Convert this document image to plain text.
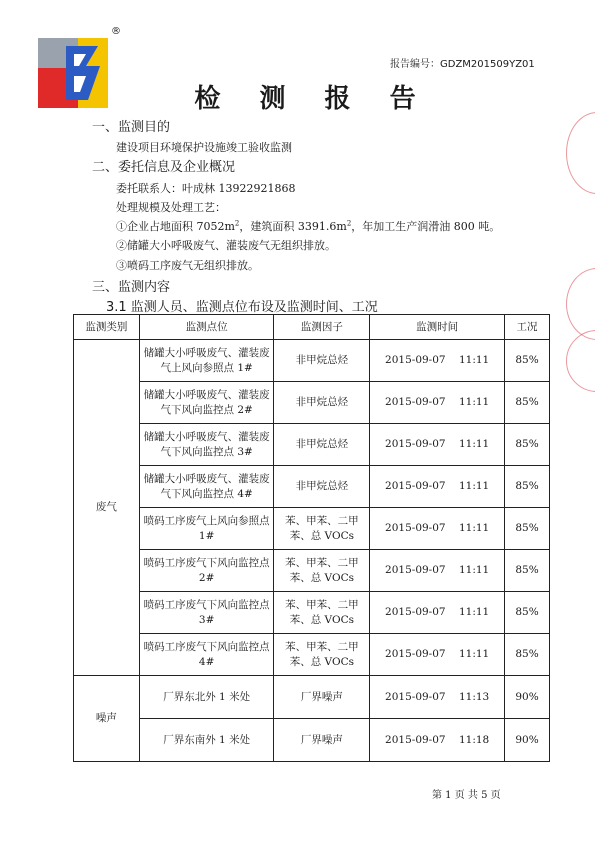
®
报告编号：GDZM201509YZ01
检 测 报 告
一、监测目的
建设项目环境保护设施竣工验收监测
二、委托信息及企业概况
委托联系人：叶成林 13922921868
处理规模及处理工艺：
①企业占地面积 $7052m^2$，建筑面积 $3391.6m^2$，年加工生产润滑油 800 吨。
②储罐大小呼吸废气、灌装废气无组织排放。
③喷码工序废气无组织排放。
三、监测内容
3.1 监测人员、监测点位布设及监测时间、工况
监测类别	监测点位	监测因子	监测时间	工况
废气	储罐大小呼吸废气、灌装废气上风向参照点 1#	非甲烷总烃	2015-09-07 11:11	85%
	储罐大小呼吸废气、灌装废气下风向监控点 2#	非甲烷总烃	2015-09-07 11:11	85%
	储罐大小呼吸废气、灌装废气下风向监控点 3#	非甲烷总烃	2015-09-07 11:11	85%
	储罐大小呼吸废气、灌装废气下风向监控点 4#	非甲烷总烃	2015-09-07 11:11	85%
	喷码工序废气上风向参照点 1#	苯、甲苯、二甲苯、总 VOCs	2015-09-07 11:11	85%
	喷码工序废气下风向监控点 2#	苯、甲苯、二甲苯、总 VOCs	2015-09-07 11:11	85%
	喷码工序废气下风向监控点 3#	苯、甲苯、二甲苯、总 VOCs	2015-09-07 11:11	85%
	喷码工序废气下风向监控点 4#	苯、甲苯、二甲苯、总 VOCs	2015-09-07 11:11	85%
噪声	厂界东北外 1 米处	厂界噪声	2015-09-07 11:13	90%
	厂界东南外 1 米处	厂界噪声	2015-09-07 11:18	90%
第 1 页 共 5 页
